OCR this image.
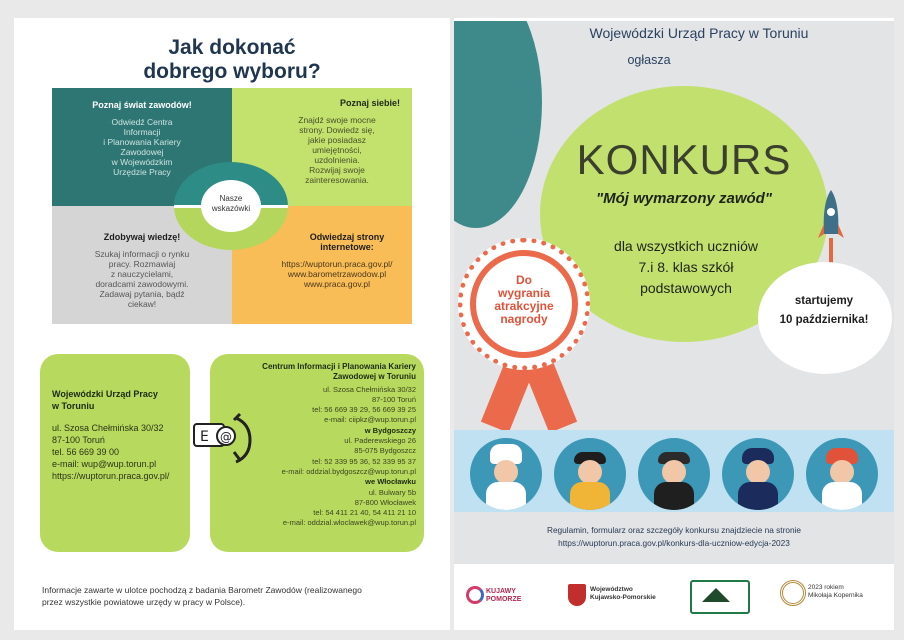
Jak dokonać
dobrego wyboru?
Poznaj świat zawodów!
Odwiedź Centra
Informacji
i Planowania Kariery
Zawodowej
w Wojewódzkim
Urzędzie Pracy
Poznaj siebie!
Znajdź swoje mocne
strony. Dowiedz się,
jakie posiadasz
umiejętności,
uzdolnienia.
Rozwijaj swoje
zainteresowania.
Zdobywaj wiedzę!
Szukaj informacji o rynku
pracy. Rozmawiaj
z nauczycielami,
doradcami zawodowymi.
Zadawaj pytania, bądź
ciekaw!
Odwiedzaj strony internetowe:
https://wuptorun.praca.gov.pl/
www.barometrzawodow.pl
www.praca.gov.pl
Nasze
wskazówki
Wojewódzki Urząd Pracy
w Toruniu
ul. Szosa Chełmińska 30/32
87-100 Toruń
tel. 56 669 39 00
e-mail: wup@wup.torun.pl
https://wuptorun.praca.gov.pl/
Centrum Informacji i Planowania Kariery
Zawodowej w Toruniu
ul. Szosa Chełmińska 30/32
87-100 Toruń
tel: 56 669 39 29, 56 669 39 25
e-mail: ciipkz@wup.torun.pl
w Bydgoszczy
ul. Paderewskiego 26
85-075 Bydgoszcz
tel: 52 339 95 36, 52 339 95 37
e-mail: oddzial.bydgoszcz@wup.torun.pl
we Włocławku
ul. Bulwary 5b
87-800 Włocławek
tel: 54 411 21 40, 54 411 21 10
e-mail: oddzial.wloclawek@wup.torun.pl
E @
Informacje zawarte w ulotce pochodzą z badania Barometr Zawodów (realizowanego
przez wszystkie powiatowe urzędy w pracy w Polsce).
Wojewódzki Urząd Pracy w Toruniu
ogłasza
KONKURS
"Mój wymarzony zawód"
dla wszystkich uczniów
7.i 8. klas szkół
podstawowych
Do
wygrania
atrakcyjne
nagrody
startujemy
10 października!
Regulamin, formularz oraz szczegóły konkursu znajdziecie na stronie
https://wuptorun.praca.gov.pl/konkurs-dla-uczniow-edycja-2023
KUJAWY
POMORZE
Województwo
Kujawsko-Pomorskie
2023 rokiem
Mikołaja Kopernika
